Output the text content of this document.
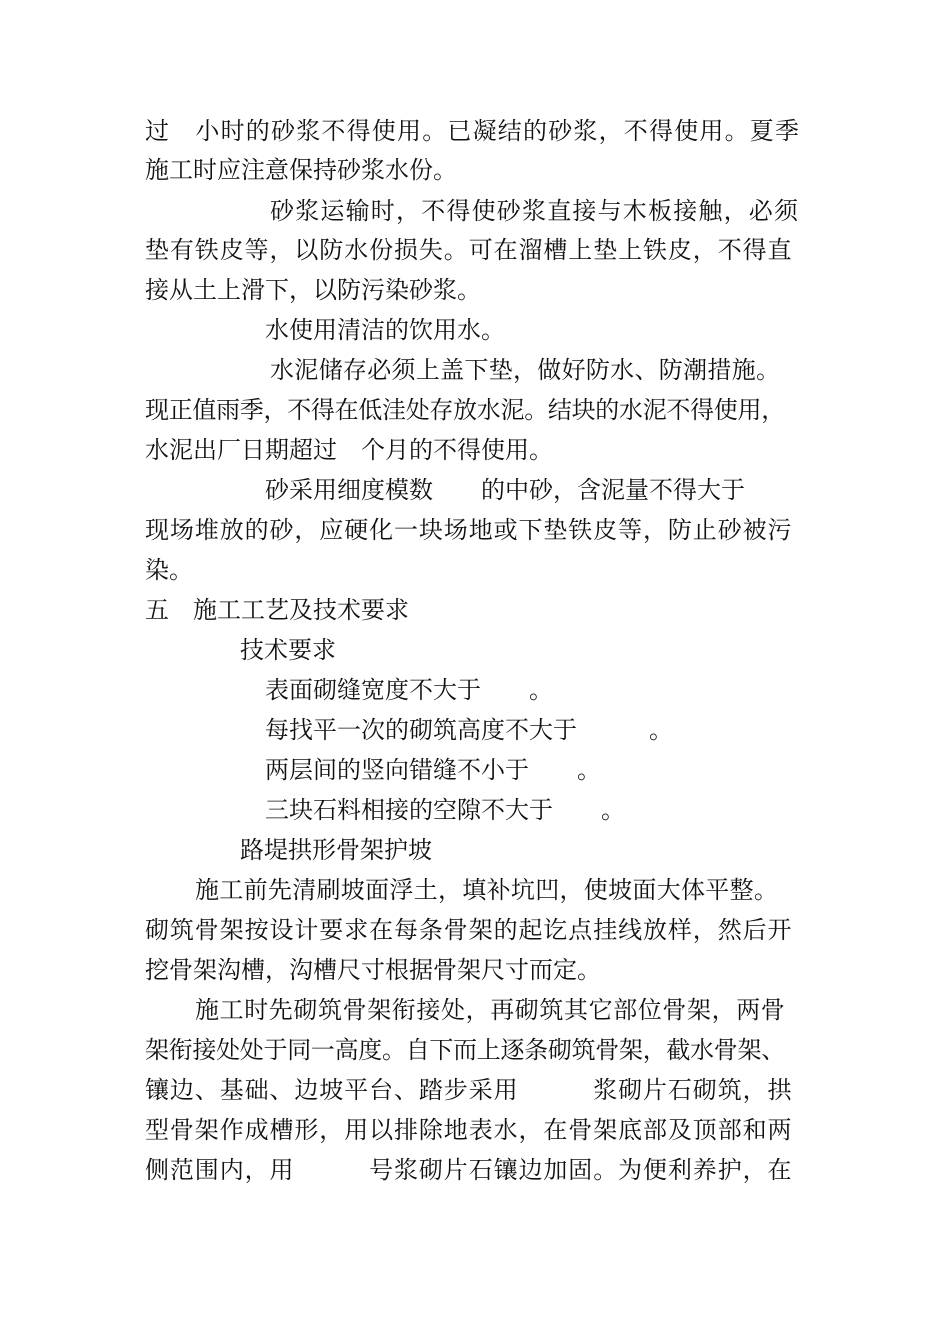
过　小时的砂浆不得使用。已凝结的砂浆，不得使用。夏季

施工时应注意保持砂浆水份。

砂浆运输时，不得使砂浆直接与木板接触，必须

垫有铁皮等，以防水份损失。可在溜槽上垫上铁皮，不得直

接从土上滑下，以防污染砂浆。

水使用清洁的饮用水。

水泥储存必须上盖下垫，做好防水、防潮措施。

现正值雨季，不得在低洼处存放水泥。结块的水泥不得使用，

水泥出厂日期超过　个月的不得使用。

砂采用细度模数　　的中砂，含泥量不得大于

现场堆放的砂，应硬化一块场地或下垫铁皮等，防止砂被污

染。

五　施工工艺及技术要求

技术要求

表面砌缝宽度不大于　　。

每找平一次的砌筑高度不大于　　　。

两层间的竖向错缝不小于　　。

三块石料相接的空隙不大于　　。

路堤拱形骨架护坡

施工前先清刷坡面浮土，填补坑凹，使坡面大体平整。

砌筑骨架按设计要求在每条骨架的起讫点挂线放样，然后开

挖骨架沟槽，沟槽尺寸根据骨架尺寸而定。

施工时先砌筑骨架衔接处，再砌筑其它部位骨架，两骨

架衔接处处于同一高度。自下而上逐条砌筑骨架，截水骨架、

镶边、基础、边坡平台、踏步采用　　　浆砌片石砌筑，拱

型骨架作成槽形，用以排除地表水，在骨架底部及顶部和两

侧范围内，用　　　号浆砌片石镶边加固。为便利养护，在
